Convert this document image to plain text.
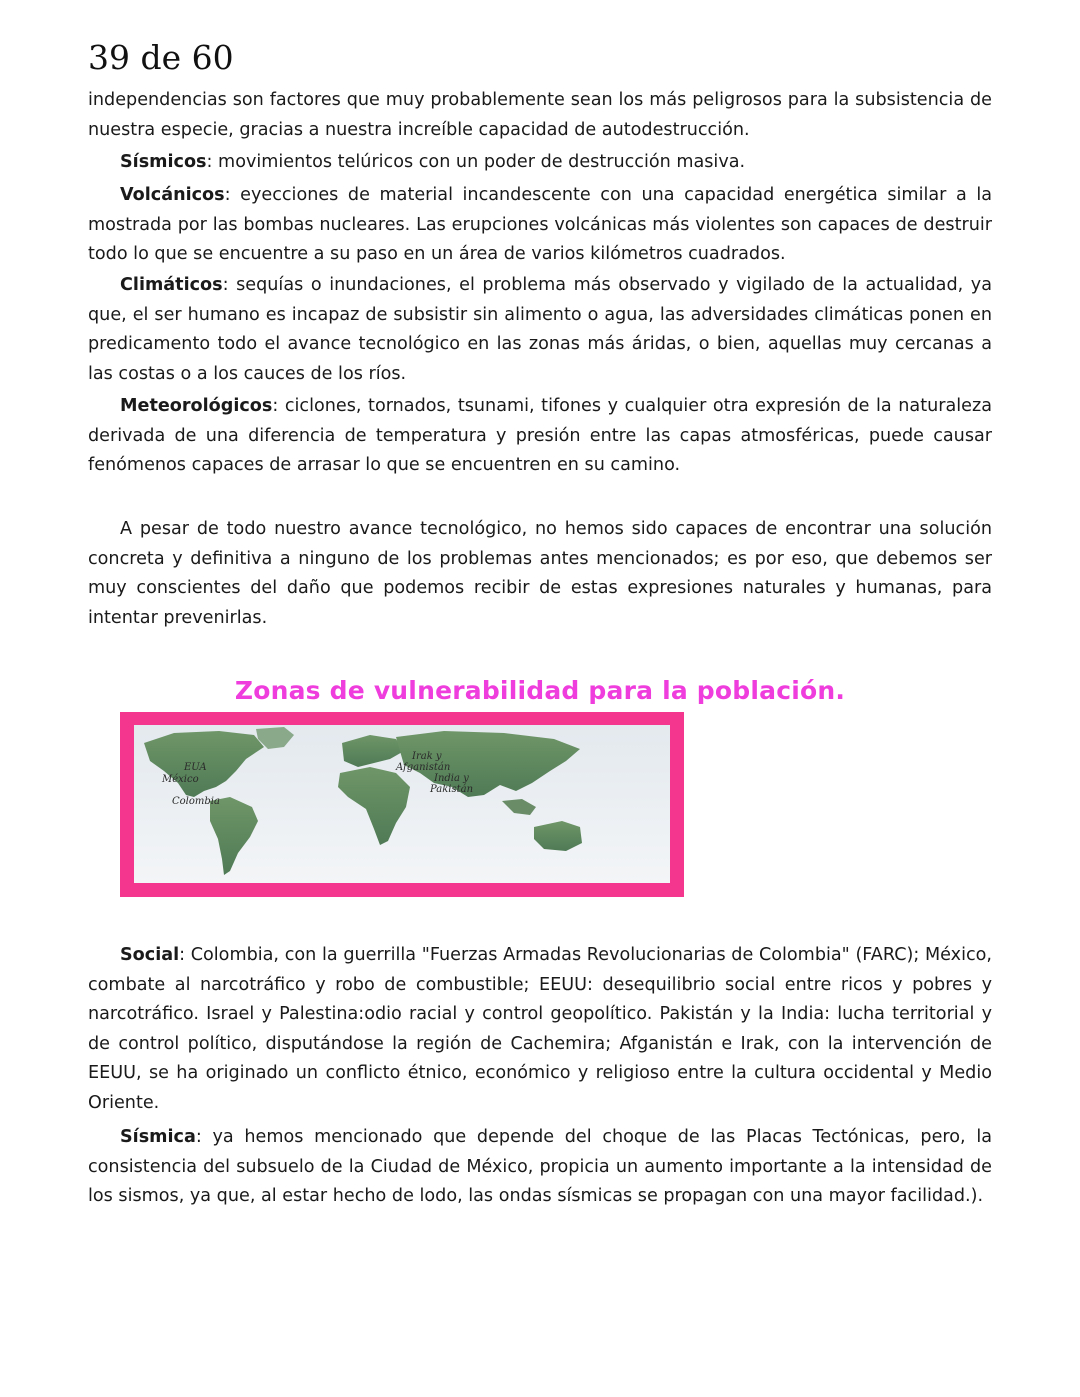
39 de 60

independencias son factores que muy probablemente sean los más peligrosos para la subsistencia de nuestra especie, gracias a nuestra increíble capacidad de autodestrucción.

Sísmicos: movimientos telúricos con un poder de destrucción masiva.

Volcánicos: eyecciones de material incandescente con una capacidad energética similar a la mostrada por las bombas nucleares. Las erupciones volcánicas más violentes son capaces de destruir todo lo que se encuentre a su paso en un área de varios kilómetros cuadrados.

Climáticos: sequías o inundaciones, el problema más observado y vigilado de la actualidad, ya que, el ser humano es incapaz de subsistir sin alimento o agua, las adversidades climáticas ponen en predicamento todo el avance tecnológico en las zonas más áridas, o bien, aquellas muy cercanas a las costas o a los cauces de los ríos.

Meteorológicos: ciclones, tornados, tsunami, tifones y cualquier otra expresión de la naturaleza derivada de una diferencia de temperatura y presión entre las capas atmosféricas, puede causar fenómenos capaces de arrasar lo que se encuentren en su camino.

A pesar de todo nuestro avance tecnológico, no hemos sido capaces de encontrar una solución concreta y definitiva a ninguno de los problemas antes mencionados; es por eso, que debemos ser muy conscientes del daño que podemos recibir de estas expresiones naturales y humanas, para intentar prevenirlas.

Zonas de vulnerabilidad para la población.
EUA
México
Colombia
Irak y
Afganistán
India y
Pakistán

Social: Colombia, con la guerrilla "Fuerzas Armadas Revolucionarias de Colombia" (FARC); México, combate al narcotráfico y robo de combustible; EEUU: desequilibrio social entre ricos y pobres y narcotráfico. Israel y Palestina:odio racial y control geopolítico. Pakistán y la India: lucha territorial y de control político, disputándose la región de Cachemira; Afganistán e Irak, con la intervención de EEUU, se ha originado un conflicto étnico, económico y religioso entre la cultura occidental y Medio Oriente.

Sísmica: ya hemos mencionado que depende del choque de las Placas Tectónicas, pero, la consistencia del subsuelo de la Ciudad de México, propicia un aumento importante a la intensidad de los sismos, ya que, al estar hecho de lodo, las ondas sísmicas se propagan con una mayor facilidad.).
